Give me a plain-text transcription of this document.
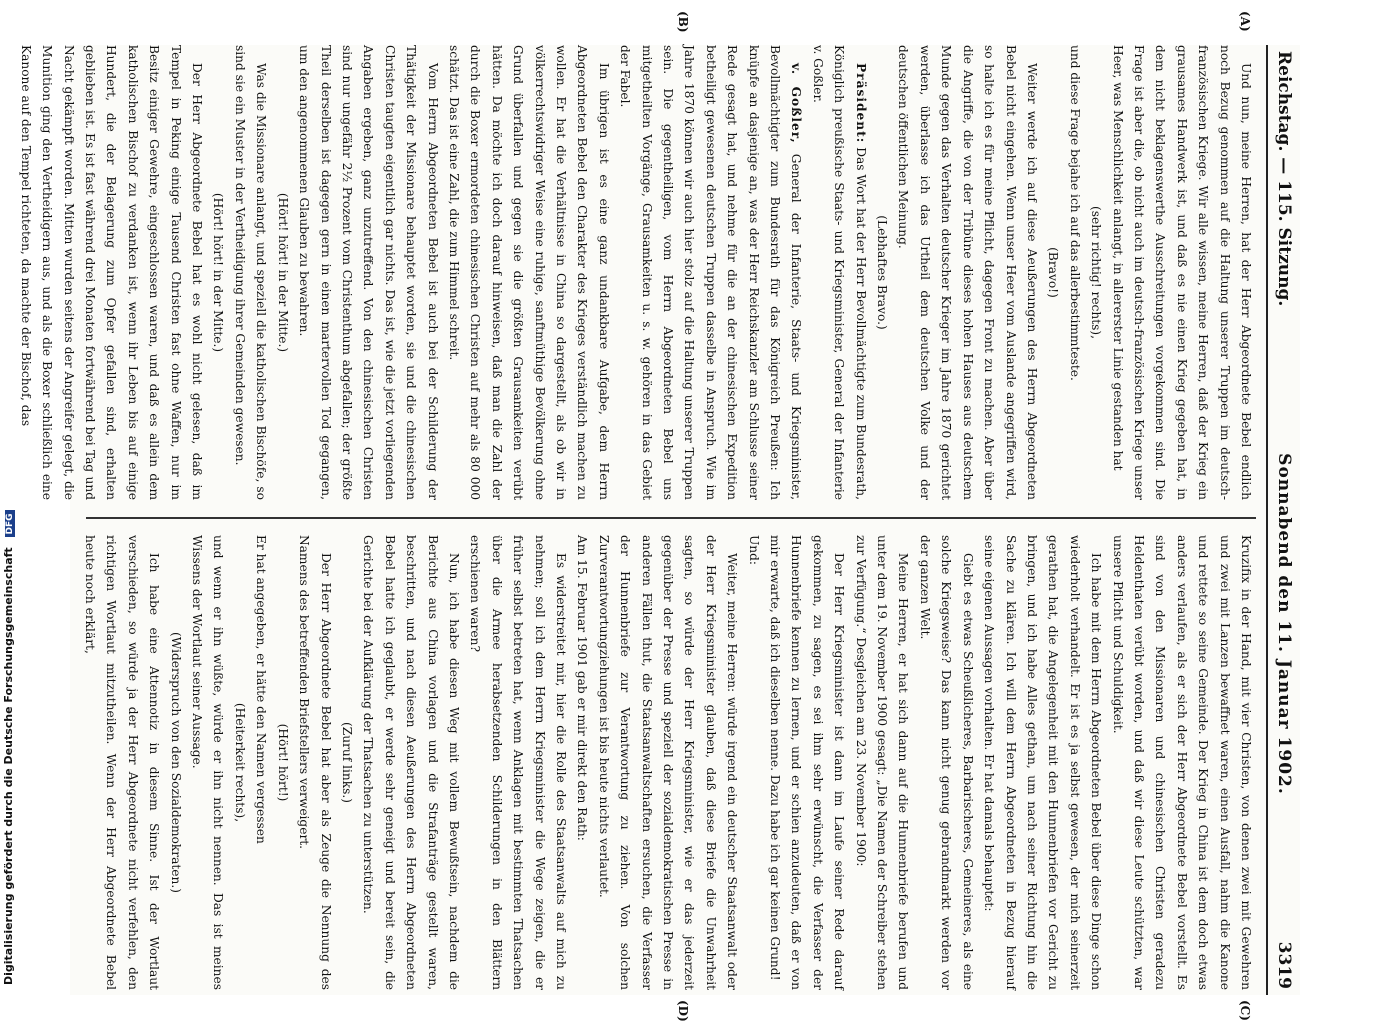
Reichstag. — 115. Sitzung.
Sonnabend den 11. Januar 1902.
3319
(A)
(B)
(C)
(D)

Und nun, meine Herren, hat der Herr Abgeordnete Bebel endlich noch Bezug genommen auf die Haltung unserer Truppen im deutsch-französischen Kriege. Wir alle wissen, meine Herren, daß der Krieg ein grausames Handwerk ist, und daß es nie einen Krieg gegeben hat, in dem nicht beklagenswerthe Ausschreitungen vorgekommen sind. Die Frage ist aber die, ob nicht auch im deutsch-französischen Kriege unser Heer, was Menschlichkeit anlangt, in allererster Linie gestanden hat

(sehr richtig! rechts),

und diese Frage bejahe ich auf das allerbestimmteste.

(Bravo!)

Weiter werde ich auf diese Aeußerungen des Herrn Abgeordneten Bebel nicht eingehen. Wenn unser Heer vom Auslande angegriffen wird, so halte ich es für meine Pflicht, dagegen Front zu machen. Aber über die Angriffe, die von der Tribüne dieses hohen Hauses aus deutschem Munde gegen das Verhalten deutscher Krieger im Jahre 1870 gerichtet werden, überlasse ich das Urtheil dem deutschen Volke und der deutschen öffentlichen Meinung.

(Lebhaftes Bravo.)

Präsident: Das Wort hat der Herr Bevollmächtigte zum Bundesrath, Königlich preußische Staats- und Kriegsminister, General der Infanterie v. Goßler.

v. Goßler, General der Infanterie, Staats- und Kriegsminister, Bevollmächtigter zum Bundesrath für das Königreich Preußen: Ich knüpfe an dasjenige an, was der Herr Reichskanzler am Schlusse seiner Rede gesagt hat, und nehme für die an der chinesischen Expedition betheiligt gewesenen deutschen Truppen dasselbe in Anspruch. Wie im Jahre 1870 können wir auch hier stolz auf die Haltung unserer Truppen sein. Die gegentheiligen, vom Herrn Abgeordneten Bebel uns mitgetheilten Vorgänge, Grausamkeiten u. s. w. gehören in das Gebiet der Fabel.

Im übrigen ist es eine ganz undankbare Aufgabe, dem Herrn Abgeordneten Bebel den Charakter des Krieges verständlich machen zu wollen. Er hat die Verhältnisse in China so dargestellt, als ob wir in völkerrechtswidriger Weise eine ruhige, sanftmüthige Bevölkerung ohne Grund überfallen und gegen sie die größten Grausamkeiten verübt hätten. Da möchte ich doch darauf hinweisen, daß man die Zahl der durch die Boxer ermordeten chinesischen Christen auf mehr als 80 000 schätzt. Das ist eine Zahl, die zum Himmel schreit.

Vom Herrn Abgeordneten Bebel ist auch bei der Schilderung der Thätigkeit der Missionare behauptet worden, sie und die chinesischen Christen taugten eigentlich gar nichts. Das ist, wie die jetzt vorliegenden Angaben ergeben, ganz unzutreffend. Von den chinesischen Christen sind nur ungefähr 2½ Prozent vom Christenthum abgefallen; der größte Theil derselben ist dagegen gern in einen martervollen Tod gegangen, um den angenommenen Glauben zu bewahren.

(Hört! hört! in der Mitte.)

Was die Missionare anlangt, und speziell die katholischen Bischöfe, so sind sie ein Muster in der Vertheidigung ihrer Gemeinden gewesen.

(Hört! hört! in der Mitte.)

Der Herr Abgeordnete Bebel hat es wohl nicht gelesen, daß im Tempel in Peking einige Tausend Christen fast ohne Waffen, nur im Besitz einiger Gewehre, eingeschlossen waren, und daß es allein dem katholischen Bischof zu verdanken ist, wenn ihr Leben bis auf einige Hundert, die der Belagerung zum Opfer gefallen sind, erhalten geblieben ist. Es ist fast während drei Monaten fortwährend bei Tag und Nacht gekämpft worden. Mitten wurden seitens der Angreifer gelegt, die Munition ging den Vertheidigern aus, und als die Boxer schließlich eine Kanone auf den Tempel richteten, da machte der Bischof, das

Kruzifix in der Hand, mit vier Christen, von denen zwei mit Gewehren und zwei mit Lanzen bewaffnet waren, einen Ausfall, nahm die Kanone und rettete so seine Gemeinde. Der Krieg in China ist dem doch etwas anders verlaufen, als er sich der Herr Abgeordnete Bebel vorstellt. Es sind von den Missionaren und chinesischen Christen geradezu Heldenthaten verübt worden, und daß wir diese Leute schützten, war unsere Pflicht und Schuldigkeit.

Ich habe mit dem Herrn Abgeordneten Bebel über diese Dinge schon wiederholt verhandelt. Er ist es ja selbst gewesen, der mich seinerzeit gerathen hat, die Angelegenheit mit den Hunnenbriefen vor Gericht zu bringen, und ich habe Alles gethan, um nach seiner Richtung hin die Sache zu klären. Ich will dem Herrn Abgeordneten in Bezug hierauf seine eigenen Aussagen vorhalten. Er hat damals behauptet:

Giebt es etwas Scheußlicheres, Barbarischeres, Gemeineres, als eine solche Kriegsweise? Das kann nicht genug gebrandmarkt werden vor der ganzen Welt.

Meine Herren, er hat sich dann auf die Hunnenbriefe berufen und unter dem 19. November 1900 gesagt: „Die Namen der Schreiber stehen zur Verfügung.“ Desgleichen am 23. November 1900:

Der Herr Kriegsminister ist dann im Laufe seiner Rede darauf gekommen, zu sagen, es sei ihm sehr erwünscht, die Verfasser der Hunnenbriefe kennen zu lernen, und er schien anzudeuten, daß er von mir erwarte, daß ich dieselben nenne. Dazu habe ich gar keinen Grund!

Und:

Weiter, meine Herren: würde irgend ein deutscher Staatsanwalt oder der Herr Kriegsminister glauben, daß diese Briefe die Unwahrheit sagten, so würde der Herr Kriegsminister, wie er das jederzeit gegenüber der Presse und speziell der sozialdemokratischen Presse in anderen Fällen thut, die Staatsanwaltschaften ersuchen, die Verfasser der Hunnenbriefe zur Verantwortung zu ziehen. Von solchen Zurverantwortungziehungen ist bis heute nichts verlautet.

Am 15. Februar 1901 gab er mir direkt den Rath:

Es widerstreitet mir, hier die Rolle des Staatsanwalts auf mich zu nehmen; soll ich dem Herrn Kriegsminister die Wege zeigen, die er früher selbst betreten hat, wenn Anklagen mit bestimmten Thatsachen über die Armee herabsetzenden Schilderungen in den Blättern erschienen waren?

Nun, ich habe diesen Weg mit vollem Bewußtsein, nachdem die Berichte aus China vorlagen und die Strafanträge gestellt waren, beschritten, und nach diesen Aeußerungen des Herrn Abgeordneten Bebel hatte ich geglaubt, er werde sehr geneigt und bereit sein, die Gerichte bei der Aufklärung der Thatsachen zu unterstützen.

(Zuruf links.)

Der Herr Abgeordnete Bebel hat aber als Zeuge die Nennung des Namens des betreffenden Briefstellers verweigert.

(Hört! hört!)

Er hat angegeben, er hätte den Namen vergessen

(Heiterkeit rechts),

und wenn er ihn wüßte, würde er ihn nicht nennen. Das ist meines Wissens der Wortlaut seiner Aussage.

(Widerspruch von den Sozialdemokraten.)

Ich habe eine Attennotiz in diesem Sinne. Ist der Wortlaut verschieden, so würde ja der Herr Abgeordnete nicht verfehlen, den richtigen Wortlaut mitzutheilen. Wenn der Herr Abgeordnete Bebel heute noch erklärt,

Digitalisierung gefördert durch die Deutsche Forschungsgemeinschaft DFG
